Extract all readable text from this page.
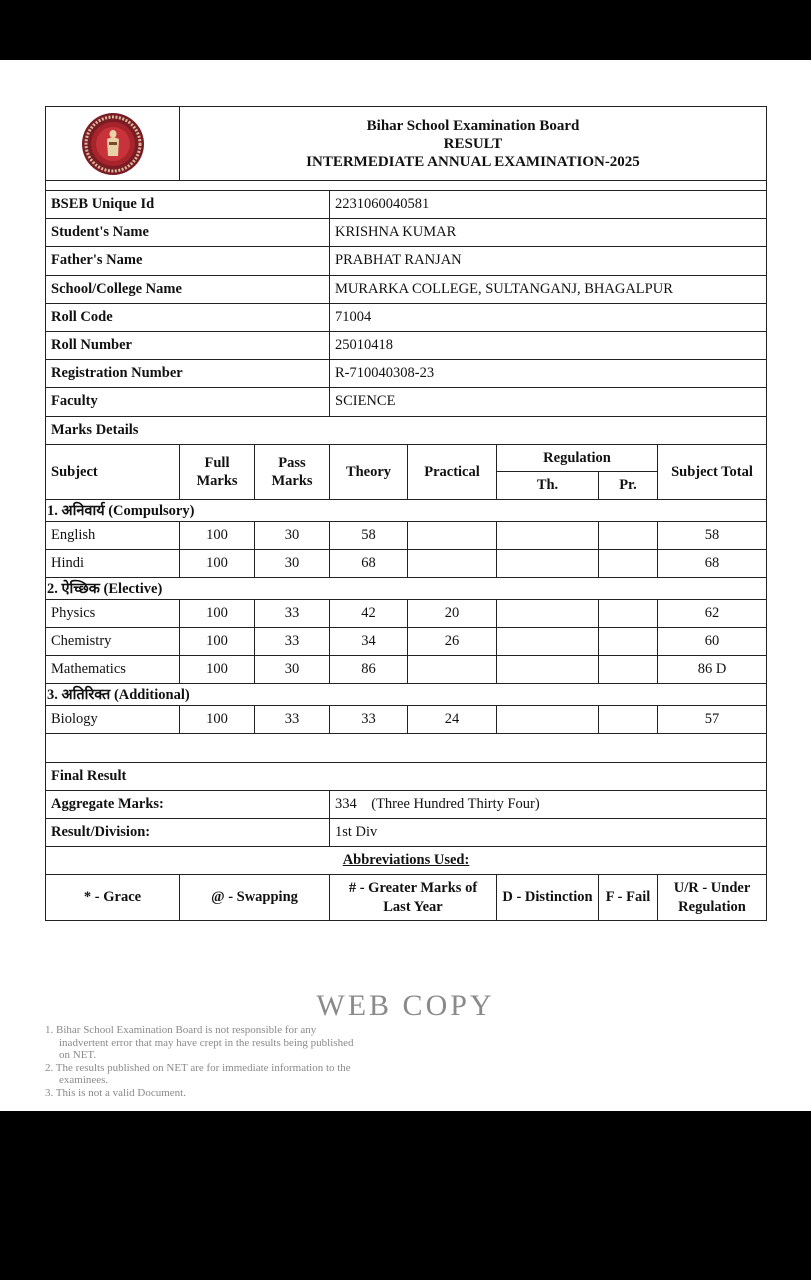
Bihar School Examination Board
RESULT
INTERMEDIATE ANNUAL EXAMINATION-2025						

BSEB Unique Id			2231060040581				
Student's Name			KRISHNA KUMAR				
Father's Name			PRABHAT RANJAN				
School/College Name			MURARKA COLLEGE, SULTANGANJ, BHAGALPUR				
Roll Code			71004				
Roll Number			25010418				
Registration Number			R-710040308-23				
Faculty			SCIENCE				
Marks Details							
Subject	Full Marks	Pass Marks	Theory	Practical	Regulation		Subject Total
					Th.	Pr.	
1. अनिवार्य (Compulsory)							
English	100	30	58				58
Hindi	100	30	68				68
2. ऐच्छिक (Elective)							
Physics	100	33	42	20			62
Chemistry	100	33	34	26			60
Mathematics	100	30	86				86 D
3. अतिरिक्त (Additional)							
Biology	100	33	33	24			57

Final Result							
Aggregate Marks:			334 (Three Hundred Thirty Four)				
Result/Division:			1st Div				
Abbreviations Used:							
* - Grace	@ - Swapping		# - Greater Marks of Last Year		D - Distinction	F - Fail	U/R - Under Regulation
WEB COPY
1. Bihar School Examination Board is not responsible for any
inadvertent error that may have crept in the results being published
on NET.
2. The results published on NET are for immediate information to the
examinees.
3. This is not a valid Document.
